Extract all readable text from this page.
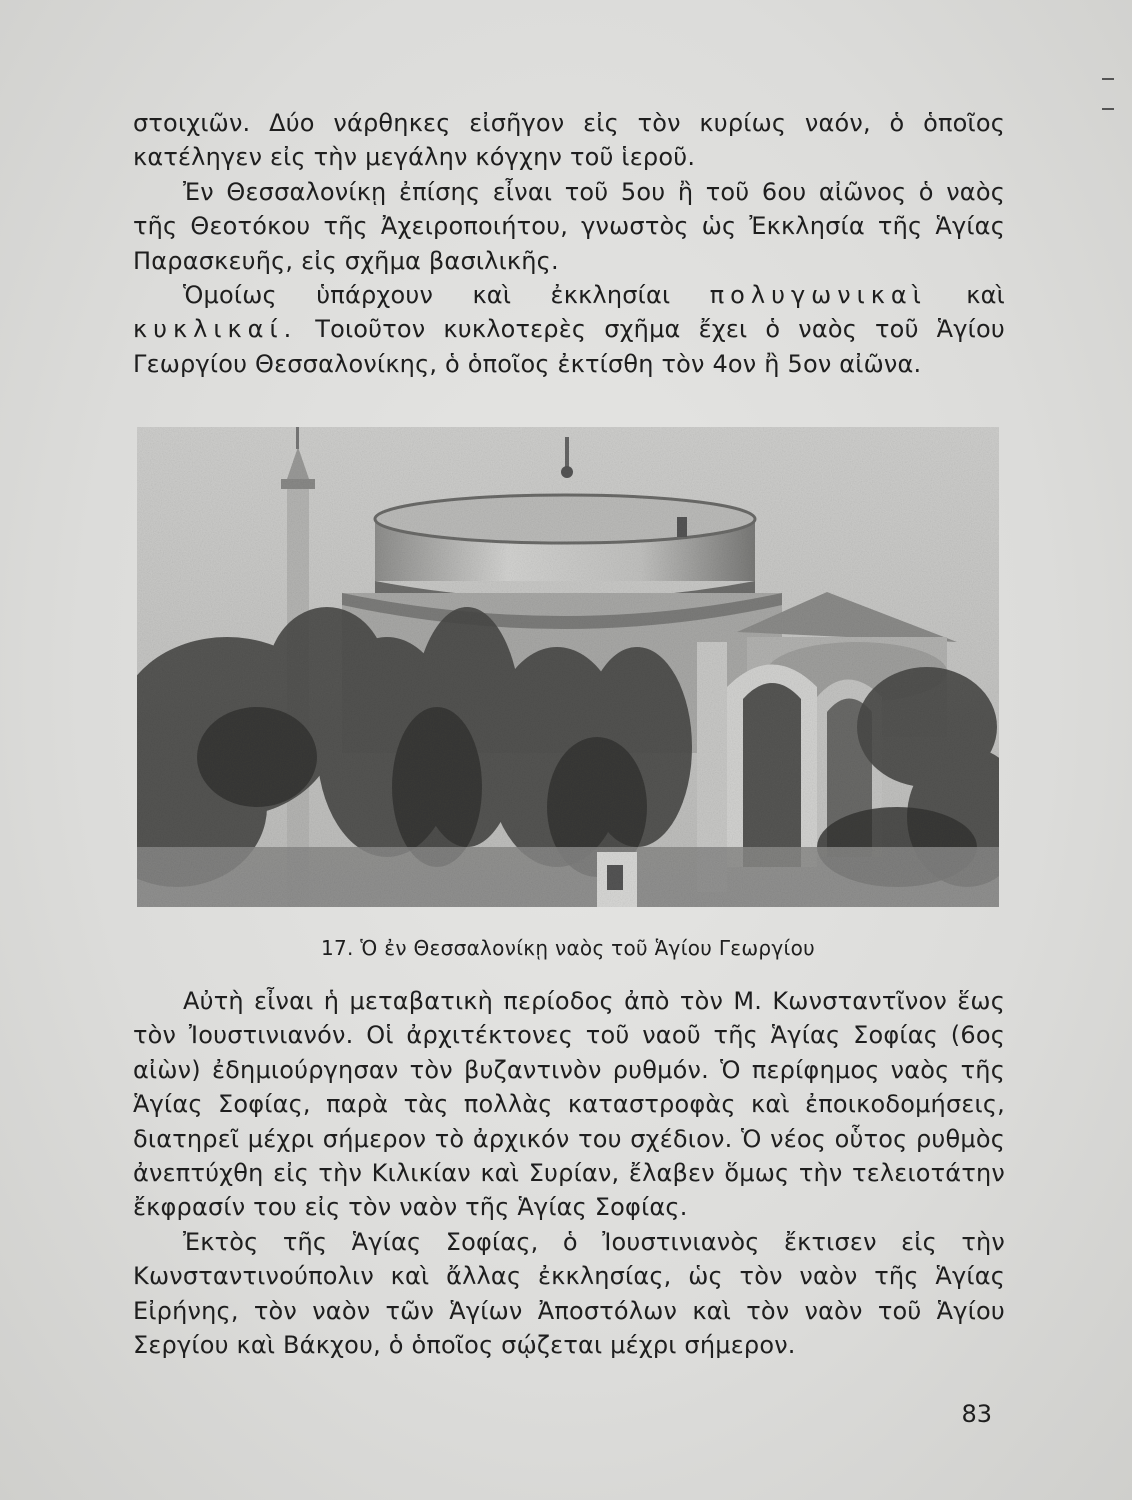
στοιχιῶν. Δύο νάρθηκες εἰσῆγον εἰς τὸν κυρίως ναόν, ὁ ὁποῖος κατέληγεν εἰς τὴν μεγάλην κόγχην τοῦ ἱεροῦ.

Ἐν Θεσσαλονίκῃ ἐπίσης εἶναι τοῦ 5ου ἢ τοῦ 6ου αἰῶνος ὁ ναὸς τῆς Θεοτόκου τῆς Ἀχειροποιήτου, γνωστὸς ὡς Ἐκκλησία τῆς Ἁγίας Παρασκευῆς, εἰς σχῆμα βασιλικῆς.

Ὁμοίως ὑπάρχουν καὶ ἐκκλησίαι πολυγωνικαὶ καὶ κυκλικαί. Τοιοῦτον κυκλοτερὲς σχῆμα ἔχει ὁ ναὸς τοῦ Ἁγίου Γεωργίου Θεσσαλονίκης, ὁ ὁποῖος ἐκτίσθη τὸν 4ον ἢ 5ον αἰῶνα.

17. Ὁ ἐν Θεσσαλονίκῃ ναὸς τοῦ Ἁγίου Γεωργίου

Αὐτὴ εἶναι ἡ μεταβατικὴ περίοδος ἀπὸ τὸν Μ. Κωνσταντῖνον ἕως τὸν Ἰουστινιανόν. Οἱ ἀρχιτέκτονες τοῦ ναοῦ τῆς Ἁγίας Σοφίας (6ος αἰὼν) ἐδημιούργησαν τὸν βυζαντινὸν ρυθμόν. Ὁ περίφημος ναὸς τῆς Ἁγίας Σοφίας, παρὰ τὰς πολλὰς καταστροφὰς καὶ ἐποικοδομήσεις, διατηρεῖ μέχρι σήμερον τὸ ἀρχικόν του σχέδιον. Ὁ νέος οὗτος ρυθμὸς ἀνεπτύχθη εἰς τὴν Κιλικίαν καὶ Συρίαν, ἔλαβεν ὅμως τὴν τελειοτάτην ἔκφρασίν του εἰς τὸν ναὸν τῆς Ἁγίας Σοφίας.

Ἐκτὸς τῆς Ἁγίας Σοφίας, ὁ Ἰουστινιανὸς ἔκτισεν εἰς τὴν Κωνσταντινούπολιν καὶ ἄλλας ἐκκλησίας, ὡς τὸν ναὸν τῆς Ἁγίας Εἰρήνης, τὸν ναὸν τῶν Ἁγίων Ἀποστόλων καὶ τὸν ναὸν τοῦ Ἁγίου Σεργίου καὶ Βάκχου, ὁ ὁποῖος σῴζεται μέχρι σήμερον.

83
